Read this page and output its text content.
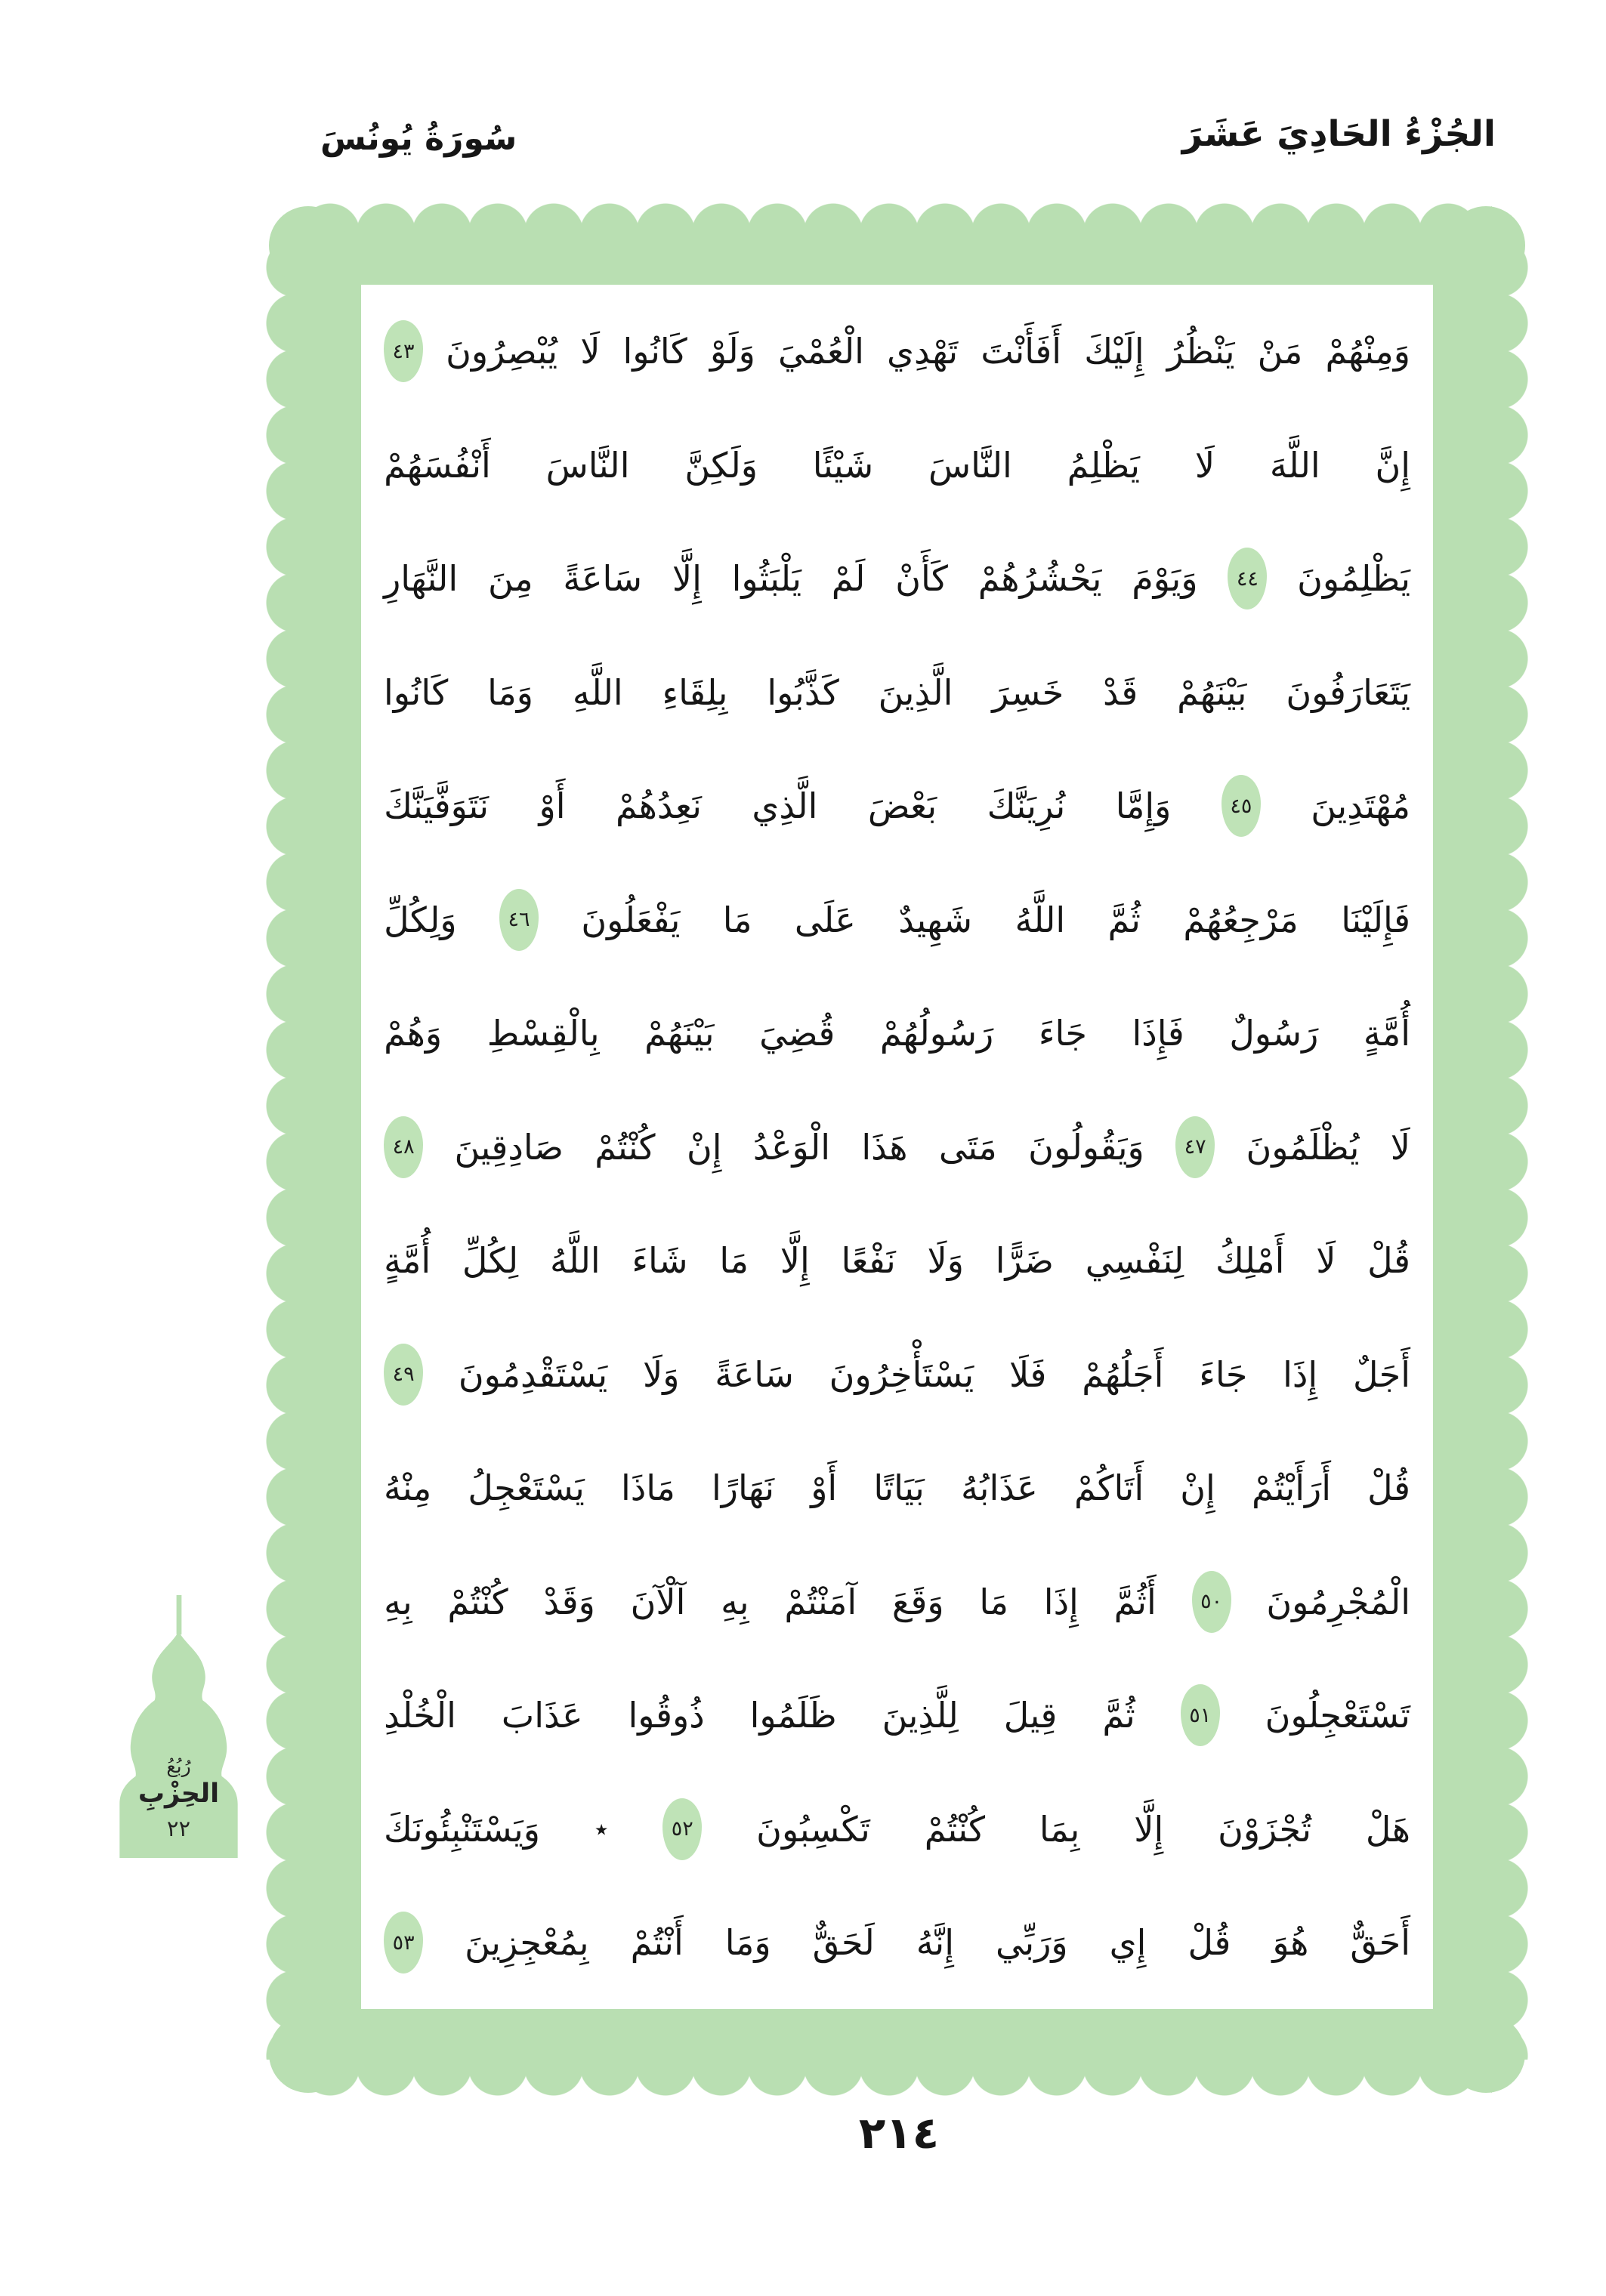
الجُزْءُ الحَادِيَ عَشَرَ
سُورَةُ يُونُسَ
وَمِنْهُمْ
مَنْ
يَنْظُرُ
إِلَيْكَ
أَفَأَنْتَ
تَهْدِي
الْعُمْيَ
وَلَوْ
كَانُوا
لَا
يُبْصِرُونَ
٤٣
إِنَّ
اللَّهَ
لَا
يَظْلِمُ
النَّاسَ
شَيْئًا
وَلَكِنَّ
النَّاسَ
أَنْفُسَهُمْ
يَظْلِمُونَ
٤٤
وَيَوْمَ
يَحْشُرُهُمْ
كَأَنْ
لَمْ
يَلْبَثُوا
إِلَّا
سَاعَةً
مِنَ
النَّهَارِ
يَتَعَارَفُونَ
بَيْنَهُمْ
قَدْ
خَسِرَ
الَّذِينَ
كَذَّبُوا
بِلِقَاءِ
اللَّهِ
وَمَا
كَانُوا
مُهْتَدِينَ
٤٥
وَإِمَّا
نُرِيَنَّكَ
بَعْضَ
الَّذِي
نَعِدُهُمْ
أَوْ
نَتَوَفَّيَنَّكَ
فَإِلَيْنَا
مَرْجِعُهُمْ
ثُمَّ
اللَّهُ
شَهِيدٌ
عَلَى
مَا
يَفْعَلُونَ
٤٦
وَلِكُلِّ
أُمَّةٍ
رَسُولٌ
فَإِذَا
جَاءَ
رَسُولُهُمْ
قُضِيَ
بَيْنَهُمْ
بِالْقِسْطِ
وَهُمْ
لَا
يُظْلَمُونَ
٤٧
وَيَقُولُونَ
مَتَى
هَذَا
الْوَعْدُ
إِنْ
كُنْتُمْ
صَادِقِينَ
٤٨
قُلْ
لَا
أَمْلِكُ
لِنَفْسِي
ضَرًّا
وَلَا
نَفْعًا
إِلَّا
مَا
شَاءَ
اللَّهُ
لِكُلِّ
أُمَّةٍ
أَجَلٌ
إِذَا
جَاءَ
أَجَلُهُمْ
فَلَا
يَسْتَأْخِرُونَ
سَاعَةً
وَلَا
يَسْتَقْدِمُونَ
٤٩
قُلْ
أَرَأَيْتُمْ
إِنْ
أَتَاكُمْ
عَذَابُهُ
بَيَاتًا
أَوْ
نَهَارًا
مَاذَا
يَسْتَعْجِلُ
مِنْهُ
الْمُجْرِمُونَ
٥٠
أَثُمَّ
إِذَا
مَا
وَقَعَ
آمَنْتُمْ
بِهِ
آلْآنَ
وَقَدْ
كُنْتُمْ
بِهِ
تَسْتَعْجِلُونَ
٥١
ثُمَّ
قِيلَ
لِلَّذِينَ
ظَلَمُوا
ذُوقُوا
عَذَابَ
الْخُلْدِ
هَلْ
تُجْزَوْنَ
إِلَّا
بِمَا
كُنْتُمْ
تَكْسِبُونَ
٥٢
٭
وَيَسْتَنْبِئُونَكَ
أَحَقٌّ
هُوَ
قُلْ
إِي
وَرَبِّي
إِنَّهُ
لَحَقٌّ
وَمَا
أَنْتُمْ
بِمُعْجِزِينَ
٥٣
رُبُعُ
الحِزْبِ
٢٢
٢١٤
